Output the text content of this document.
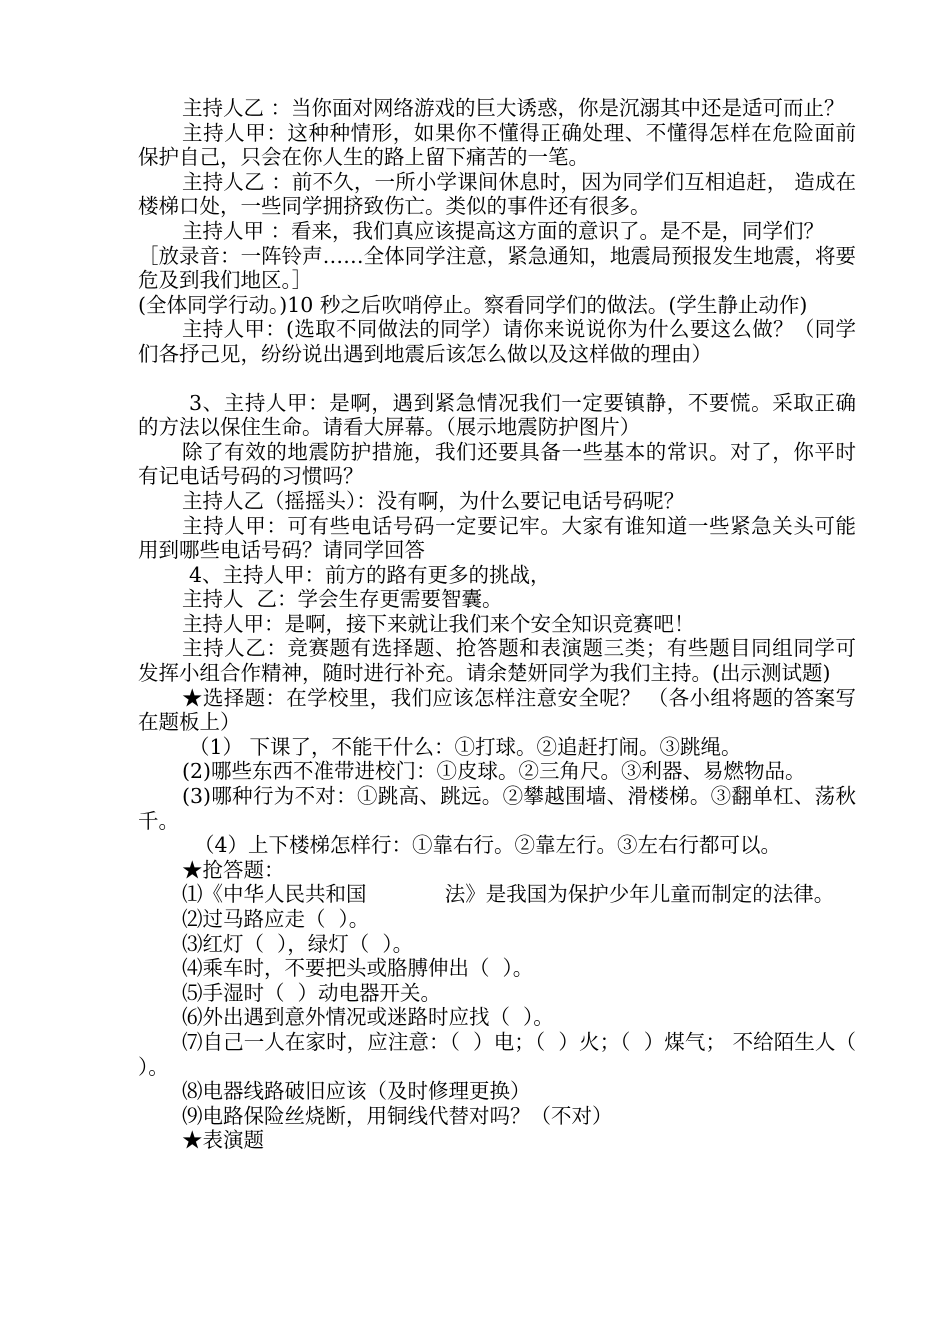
主持人乙 ：当你面对网络游戏的巨大诱惑，你是沉溺其中还是适可而止？

主持人甲：这种种情形，如果你不懂得正确处理、不懂得怎样在危险面前保护自己，只会在你人生的路上留下痛苦的一笔。

主持人乙 ：前不久，一所小学课间休息时，因为同学们互相追赶， 造成在楼梯口处，一些同学拥挤致伤亡。类似的事件还有很多。

主持人甲 ：看来，我们真应该提高这方面的意识了。是不是，同学们？

［放录音：一阵铃声……全体同学注意，紧急通知，地震局预报发生地震，将要危及到我们地区。］

(全体同学行动。)10 秒之后吹哨停止。察看同学们的做法。(学生静止动作)

主持人甲：(选取不同做法的同学）请你来说说你为什么要这么做？（同学们各抒己见，纷纷说出遇到地震后该怎么做以及这样做的理由）

3、主持人甲：是啊，遇到紧急情况我们一定要镇静，不要慌。采取正确的方法以保住生命。请看大屏幕。（展示地震防护图片）

除了有效的地震防护措施，我们还要具备一些基本的常识。对了，你平时有记电话号码的习惯吗？

主持人乙（摇摇头）：没有啊，为什么要记电话号码呢？

主持人甲：可有些电话号码一定要记牢。大家有谁知道一些紧急关头可能用到哪些电话号码？请同学回答

4、主持人甲：前方的路有更多的挑战，

主持人  乙：学会生存更需要智囊。

主持人甲：是啊，接下来就让我们来个安全知识竞赛吧！

主持人乙：竞赛题有选择题、抢答题和表演题三类；有些题目同组同学可发挥小组合作精神，随时进行补充。请余楚妍同学为我们主持。(出示测试题)

★选择题：在学校里，我们应该怎样注意安全呢？ （各小组将题的答案写在题板上）

（1） 下课了，不能干什么：①打球。②追赶打闹。③跳绳。

(2)哪些东西不准带进校门：①皮球。②三角尺。③利器、易燃物品。

(3)哪种行为不对：①跳高、跳远。②攀越围墙、滑楼梯。③翻单杠、荡秋千。

（4）上下楼梯怎样行：①靠右行。②靠左行。③左右行都可以。

★抢答题：

⑴《中华人民共和国            法》是我国为保护少年儿童而制定的法律。

⑵过马路应走（  ）。

⑶红灯（  ），绿灯（  ）。

⑷乘车时，不要把头或胳膊伸出（  ）。

⑸手湿时（  ）动电器开关。

⑹外出遇到意外情况或迷路时应找（  ）。

⑺自己一人在家时，应注意：（  ）电；（  ）火；（  ）煤气； 不给陌生人（  ）。

⑻电器线路破旧应该（及时修理更换）

⑼电路保险丝烧断，用铜线代替对吗？（不对）

★表演题
